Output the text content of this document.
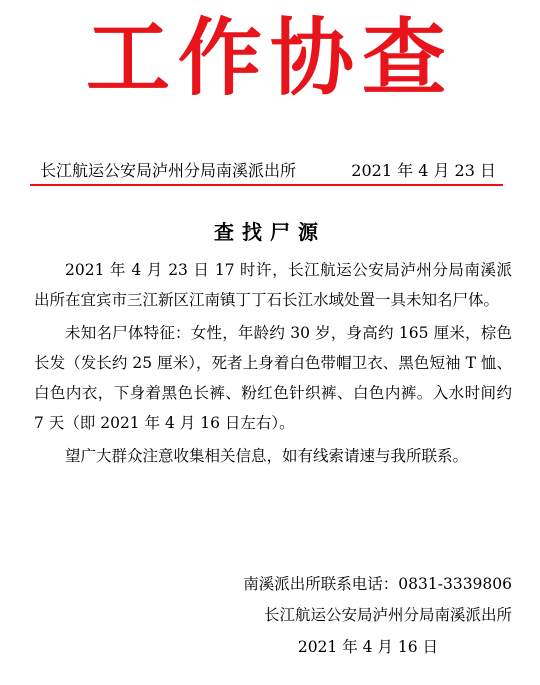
工作协查
长江航运公安局泸州分局南溪派出所	2021 年 4 月 23 日
查找尸源

2021 年 4 月 23 日 17 时许，长江航运公安局泸州分局南溪派出所在宜宾市三江新区江南镇丁丁石长江水域处置一具未知名尸体。

未知名尸体特征：女性，年龄约 30 岁，身高约 165 厘米，棕色长发（发长约 25 厘米），死者上身着白色带帽卫衣、黑色短袖 T 恤、白色内衣，下身着黑色长裤、粉红色针织裤、白色内裤。入水时间约 7 天（即 2021 年 4 月 16 日左右）。

望广大群众注意收集相关信息，如有线索请速与我所联系。

南溪派出所联系电话：0831-3339806
长江航运公安局泸州分局南溪派出所
2021 年 4 月 16 日
